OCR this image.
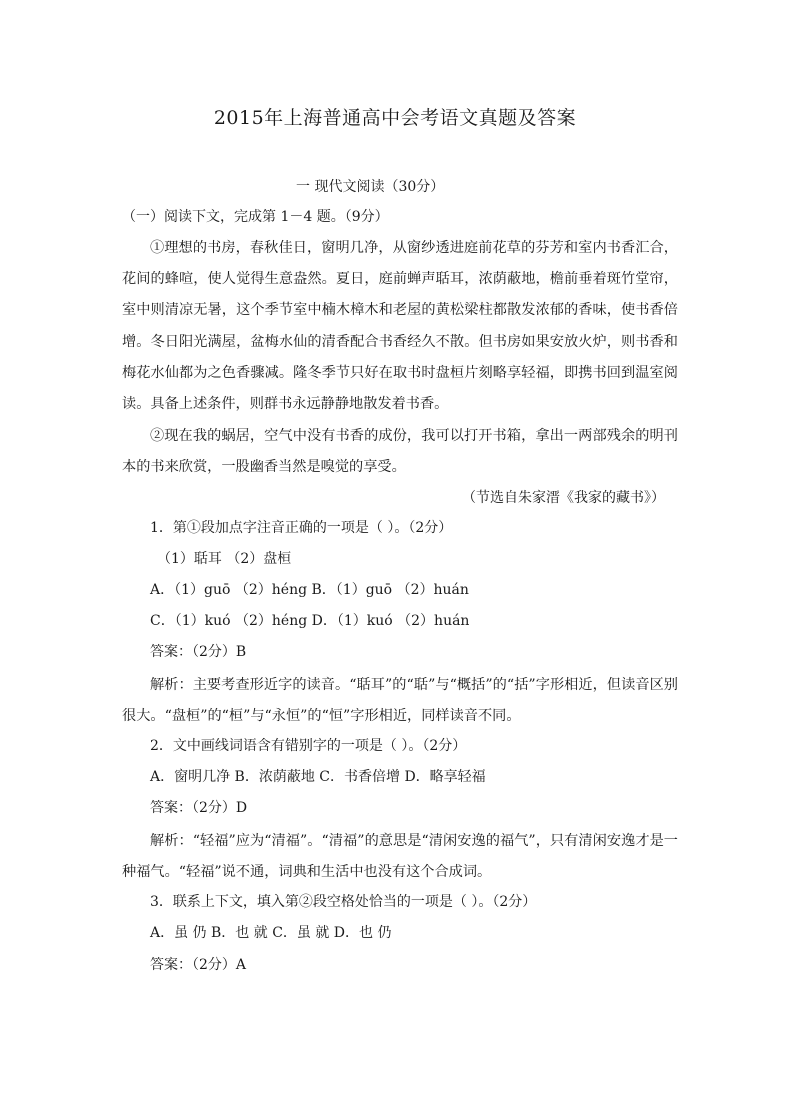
2015年上海普通高中会考语文真题及答案
一 现代文阅读（30分）
（一）阅读下文，完成第 1－4 题。（9分）

①理想的书房，春秋佳日，窗明几净，从窗纱透进庭前花草的芬芳和室内书香汇合，花间的蜂喧，使人觉得生意盎然。夏日，庭前蝉声聒耳，浓荫蔽地，檐前垂着斑竹堂帘，室中则清凉无暑，这个季节室中楠木樟木和老屋的黄松梁柱都散发浓郁的香味，使书香倍增。冬日阳光满屋，盆梅水仙的清香配合书香经久不散。但书房如果安放火炉，则书香和梅花水仙都为之色香骤减。隆冬季节只好在取书时盘桓片刻略享轻福，即携书回到温室阅读。具备上述条件，则群书永远静静地散发着书香。

②现在我的蜗居，空气中没有书香的成份，我可以打开书箱，拿出一两部残余的明刊本的书来欣赏，一股幽香当然是嗅觉的享受。

（节选自朱家溍《我家的藏书》）
1．第①段加点字注音正确的一项是（ ）。（2分）
（1）聒耳 （2）盘桓
A．（1）guō （2）héng B．（1）guō （2）huán
C．（1）kuó （2）héng D．（1）kuó （2）huán
答案：（2分）B

解析：主要考查形近字的读音。“聒耳”的“聒”与“概括”的“括”字形相近，但读音区别很大。“盘桓”的“桓”与“永恒”的“恒”字形相近，同样读音不同。

2．文中画线词语含有错别字的一项是（ ）。（2分）
A．窗明几净 B．浓荫蔽地 C．书香倍增 D．略享轻福
答案：（2分）D

解析：“轻福”应为“清福”。“清福”的意思是“清闲安逸的福气”，只有清闲安逸才是一种福气。“轻福”说不通，词典和生活中也没有这个合成词。

3．联系上下文，填入第②段空格处恰当的一项是（ ）。（2分）
A．虽 仍 B．也 就 C．虽 就 D．也 仍
答案：（2分）A
